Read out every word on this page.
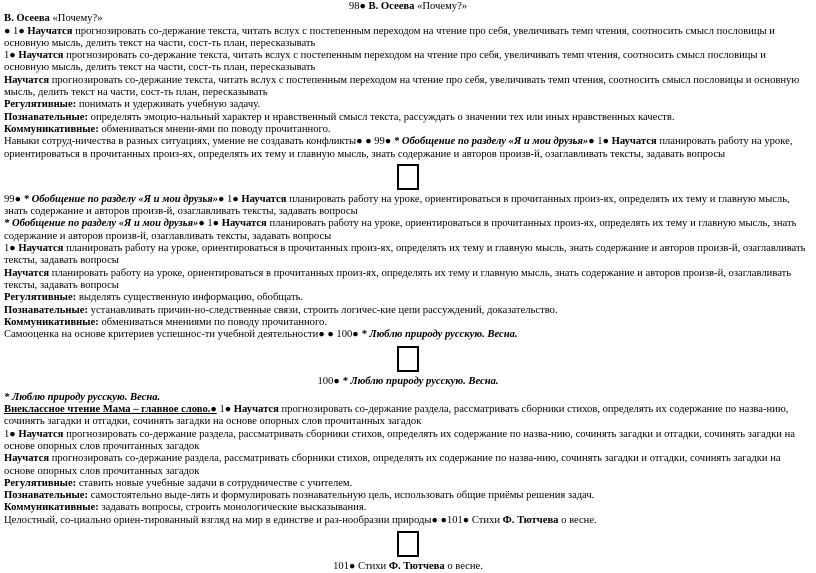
98● В. Осеева «Почему?»

В. Осеева «Почему?»

● 1● Научатся прогнозировать со-держание текста, читать вслух с постепенным переходом на чтение про себя, увеличивать темп чтения, соотносить смысл пословицы и основную мысль, делить текст на части, сост-ть план, пересказывать

1● Научатся прогнозировать со-держание текста, читать вслух с постепенным переходом на чтение про себя, увеличивать темп чтения, соотносить смысл пословицы и основную мысль, делить текст на части, сост-ть план, пересказывать

Научатся прогнозировать со-держание текста, читать вслух с постепенным переходом на чтение про себя, увеличивать темп чтения, соотносить смысл пословицы и основную мысль, делить текст на части, сост-ть план, пересказывать

Регулятивные: понимать и удерживать учебную задачу.

Познавательные: определять эмоцио-нальный характер и нравственный смысл текста, рассуждать о значении тех или иных нравственных качеств.

Коммуникативные: обмениваться мнени-ями по поводу прочитанного.

Навыки сотруд-ничества в разных ситуациях, умение не создавать конфликты● ● 99● * Обобщение по разделу «Я и мои друзья»● 1● Научатся планировать работу на уроке, ориентироваться в прочитанных произ-ях, определять их тему и главную мысль, знать содержание и авторов произв-й, озаглавливать тексты, задавать вопросы

99● * Обобщение по разделу «Я и мои друзья»● 1● Научатся планировать работу на уроке, ориентироваться в прочитанных произ-ях, определять их тему и главную мысль, знать содержание и авторов произв-й, озаглавливать тексты, задавать вопросы

* Обобщение по разделу «Я и мои друзья»● 1● Научатся планировать работу на уроке, ориентироваться в прочитанных произ-ях, определять их тему и главную мысль, знать содержание и авторов произв-й, озаглавливать тексты, задавать вопросы

1● Научатся планировать работу на уроке, ориентироваться в прочитанных произ-ях, определять их тему и главную мысль, знать содержание и авторов произв-й, озаглавливать тексты, задавать вопросы

Научатся планировать работу на уроке, ориентироваться в прочитанных произ-ях, определять их тему и главную мысль, знать содержание и авторов произв-й, озаглавливать тексты, задавать вопросы

Регулятивные: выделять существенную информацию, обобщать.

Познавательные: устанавливать причин-но-следственные связи, строить логичес-кие цепи рассуждений, доказательство.

Коммуникативные: обмениваться мнениями по поводу прочитанного.

Самооценка на основе критериев успешнос-ти учебной деятельности● ● 100● * Люблю природу русскую. Весна.

100● * Люблю природу русскую. Весна.

* Люблю природу русскую. Весна.

Внеклассное чтение Мама – главное слово.● 1● Научатся прогнозировать со-держание раздела, рассматривать сборники стихов, определять их содержание по назва-нию, сочинять загадки и отгадки, сочинять загадки на основе опорных слов прочитанных загадок

1● Научатся прогнозировать со-держание раздела, рассматривать сборники стихов, определять их содержание по назва-нию, сочинять загадки и отгадки, сочинять загадки на основе опорных слов прочитанных загадок

Научатся прогнозировать со-держание раздела, рассматривать сборники стихов, определять их содержание по назва-нию, сочинять загадки и отгадки, сочинять загадки на основе опорных слов прочитанных загадок

Регулятивные: ставить новые учебные задачи в сотрудничестве с учителем.

Познавательные: самостоятельно выде-лять и формулировать познавательную цель, использовать общие приёмы решения задач.

Коммуникативные: задавать вопросы, строить монологические высказывания.

Целостный, со-циально ориен-тированный взгляд на мир в единстве и раз-нообразии природы● ●101● Стихи Ф. Тютчева о весне.

101● Стихи Ф. Тютчева о весне.
